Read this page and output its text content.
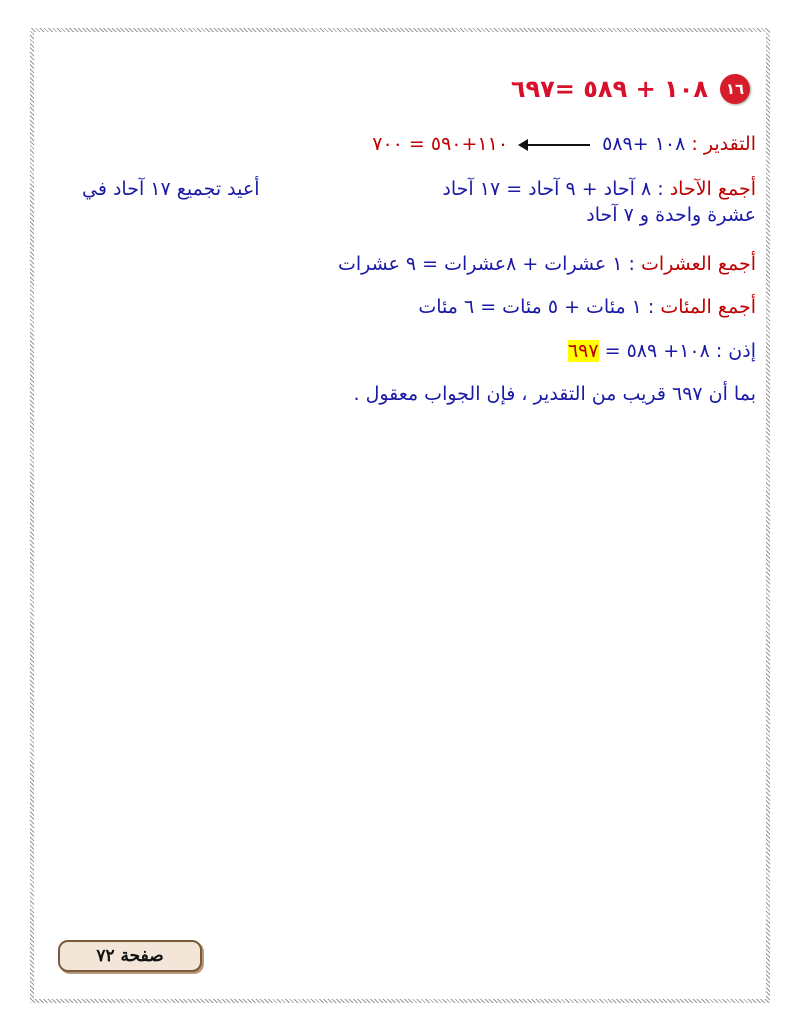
١٦
١٠٨ + ٥٨٩ =٦٩٧
التقدير : ١٠٨ +٥٨٩  ١١٠+٥٩٠ = ٧٠٠
أجمع الآحاد : ٨ آحاد + ٩ آحاد = ١٧ آحاد
أعيد تجميع ١٧ آحاد في
عشرة واحدة و ٧ آحاد
أجمع العشرات : ١ عشرات + ٨عشرات = ٩ عشرات
أجمع المئات : ١ مئات + ٥ مئات = ٦ مئات
إذن : ١٠٨+ ٥٨٩ = ٦٩٧
بما أن ٦٩٧ قريب من التقدير ، فإن الجواب معقول .
صفحة ٧٢
